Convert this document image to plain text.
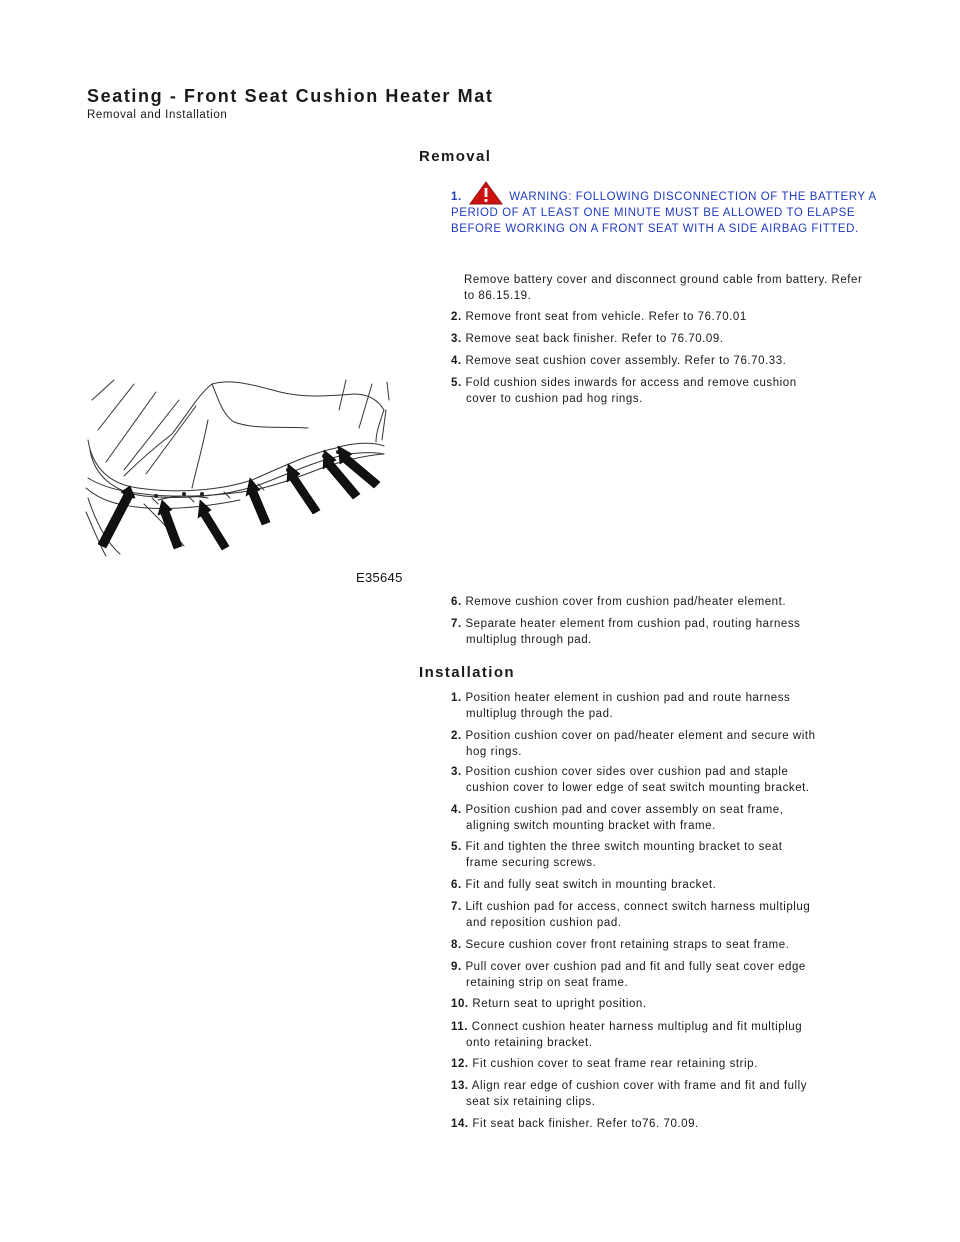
Seating - Front Seat Cushion Heater Mat
Removal and Installation
Removal
1.	WARNING: FOLLOWING DISCONNECTION OF THE BATTERY A PERIOD OF AT LEAST ONE MINUTE MUST BE ALLOWED TO ELAPSE BEFORE WORKING ON A FRONT SEAT WITH A SIDE AIRBAG FITTED.
Remove battery cover and disconnect ground cable from battery. Refer to 86.15.19.
2. Remove front seat from vehicle. Refer to 76.70.01
3. Remove seat back finisher. Refer to 76.70.09.
4. Remove seat cushion cover assembly. Refer to 76.70.33.
5. Fold cushion sides inwards for access and remove cushion
cover to cushion pad hog rings.
E35645
6. Remove cushion cover from cushion pad/heater element.
7. Separate heater element from cushion pad, routing harness
multiplug through pad.
Installation
1. Position heater element in cushion pad and route harness
multiplug through the pad.
2. Position cushion cover on pad/heater element and secure with
hog rings.
3. Position cushion cover sides over cushion pad and staple
cushion cover to lower edge of seat switch mounting bracket.
4. Position cushion pad and cover assembly on seat frame,
aligning switch mounting bracket with frame.
5. Fit and tighten the three switch mounting bracket to seat
frame securing screws.
6. Fit and fully seat switch in mounting bracket.
7. Lift cushion pad for access, connect switch harness multiplug
and reposition cushion pad.
8. Secure cushion cover front retaining straps to seat frame.
9. Pull cover over cushion pad and fit and fully seat cover edge
retaining strip on seat frame.
10. Return seat to upright position.
11. Connect cushion heater harness multiplug and fit multiplug
onto retaining bracket.
12. Fit cushion cover to seat frame rear retaining strip.
13. Align rear edge of cushion cover with frame and fit and fully
seat six retaining clips.
14. Fit seat back finisher. Refer to76. 70.09.
